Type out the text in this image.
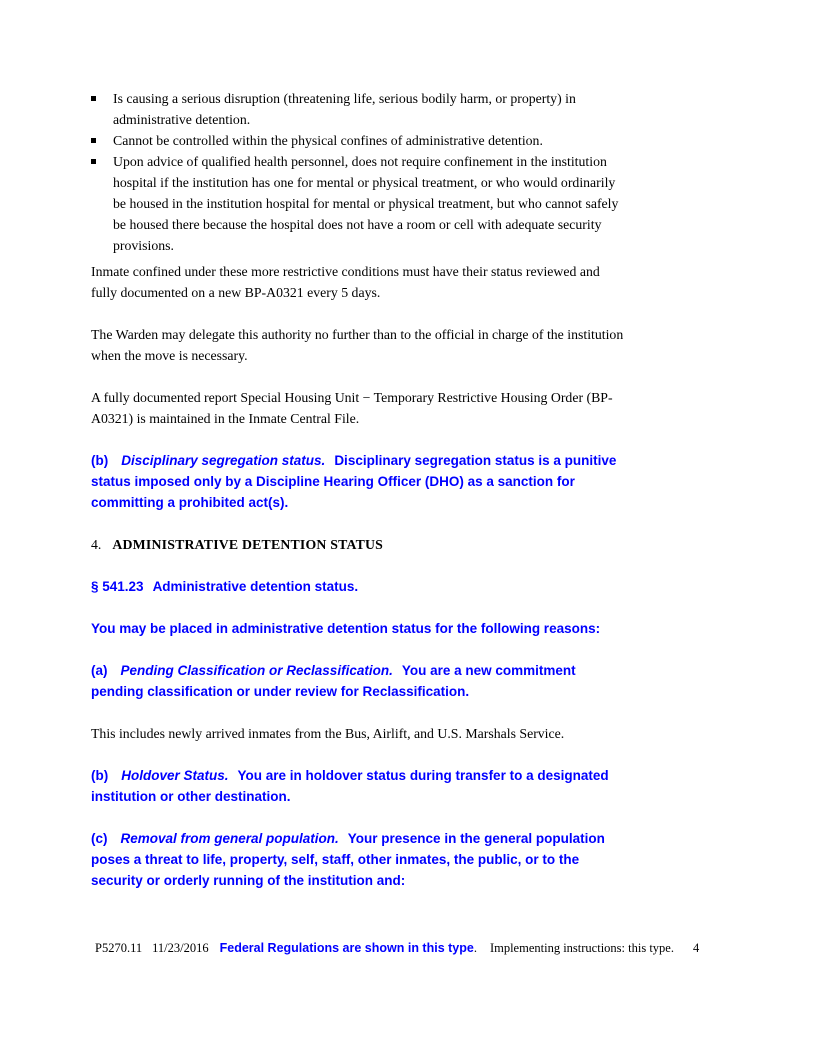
Is causing a serious disruption (threatening life, serious bodily harm, or property) in
administrative detention.
Cannot be controlled within the physical confines of administrative detention.
Upon advice of qualified health personnel, does not require confinement in the institution
hospital if the institution has one for mental or physical treatment, or who would ordinarily
be housed in the institution hospital for mental or physical treatment, but who cannot safely
be housed there because the hospital does not have a room or cell with adequate security
provisions.

Inmate confined under these more restrictive conditions must have their status reviewed and
fully documented on a new BP-A0321 every 5 days.

The Warden may delegate this authority no further than to the official in charge of the institution
when the move is necessary.

A fully documented report Special Housing Unit − Temporary Restrictive Housing Order (BP-
A0321) is maintained in the Inmate Central File.

(b) Disciplinary segregation status. Disciplinary segregation status is a punitive
status imposed only by a Discipline Hearing Officer (DHO) as a sanction for
committing a prohibited act(s).

4. ADMINISTRATIVE DETENTION STATUS

§ 541.23 Administrative detention status.

You may be placed in administrative detention status for the following reasons:

(a) Pending Classification or Reclassification. You are a new commitment
pending classification or under review for Reclassification.

This includes newly arrived inmates from the Bus, Airlift, and U.S. Marshals Service.

(b) Holdover Status. You are in holdover status during transfer to a designated
institution or other destination.

(c) Removal from general population. Your presence in the general population
poses a threat to life, property, self, staff, other inmates, the public, or to the
security or orderly running of the institution and:

P5270.11 11/23/2016 Federal Regulations are shown in this type. Implementing instructions: this type. 4
